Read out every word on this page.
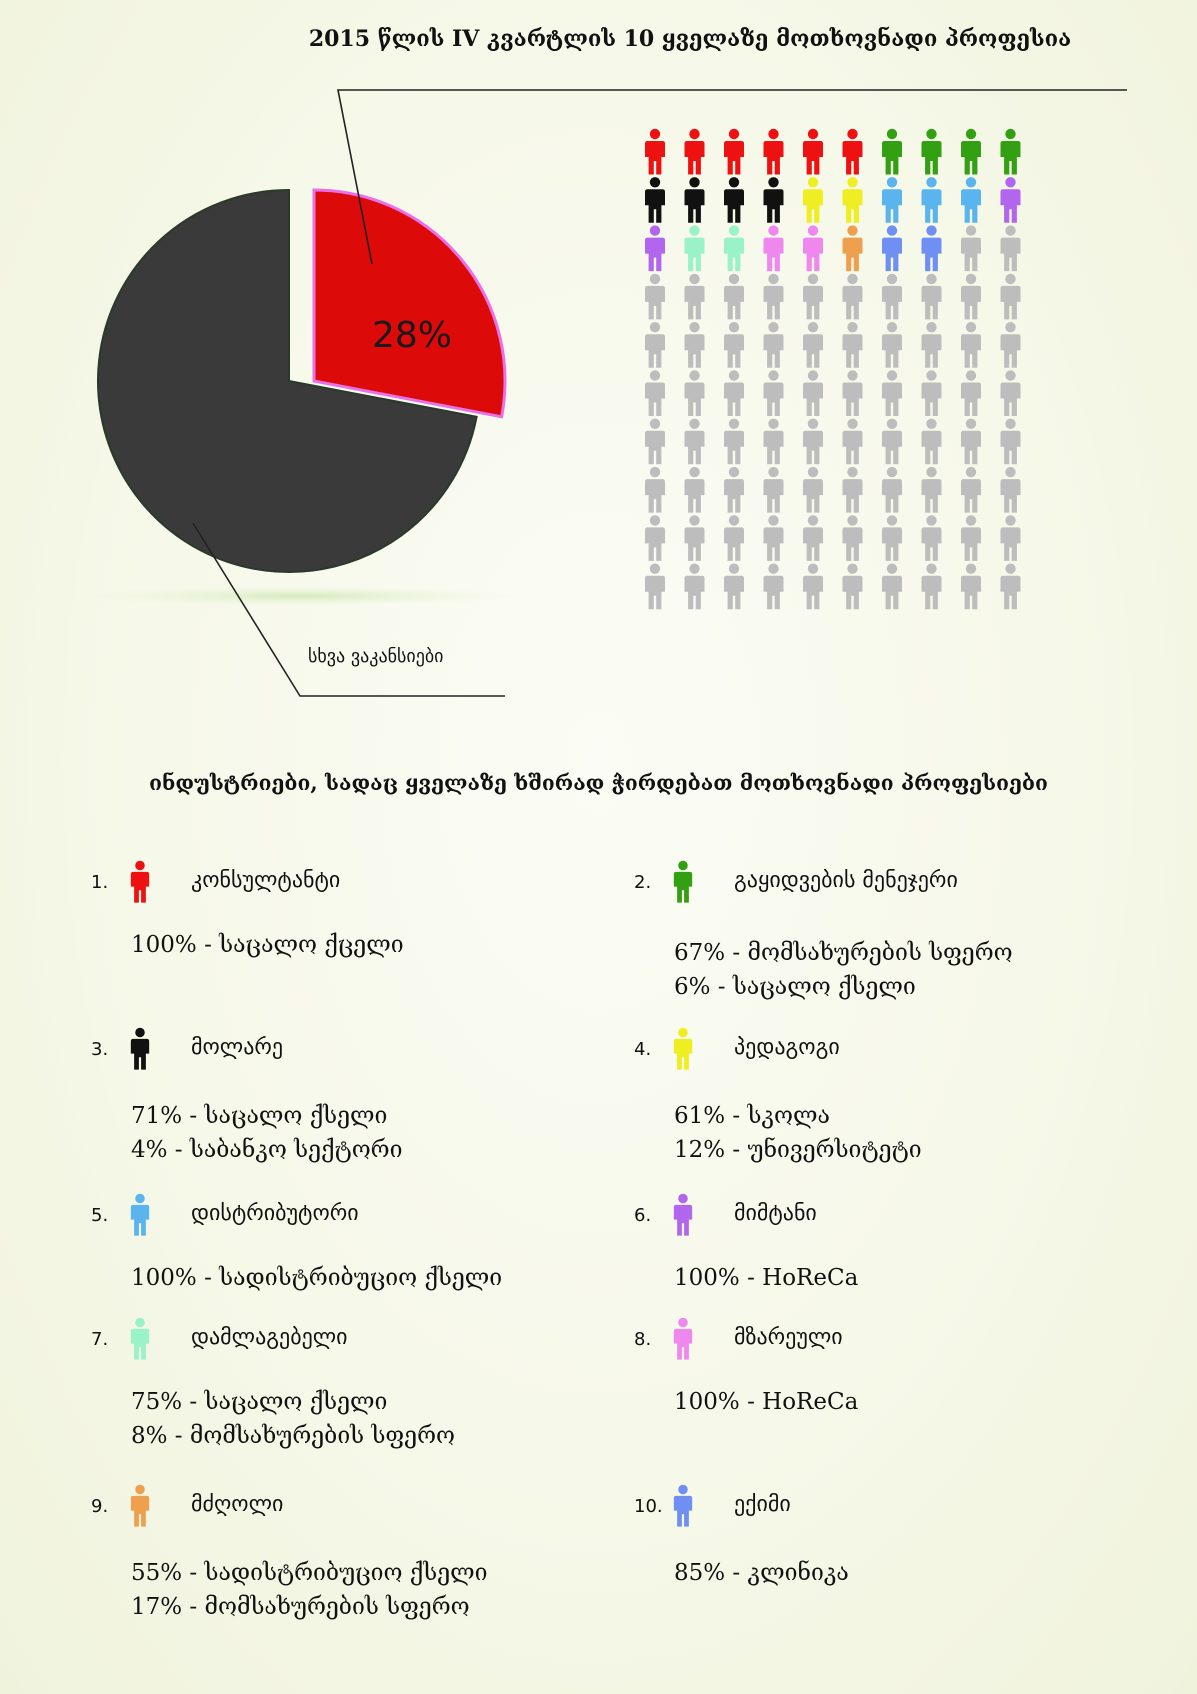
2015 წლის IV კვარტლის 10 ყველაზე მოთხოვნადი პროფესია
28%
სხვა ვაკანსიები
ინდუსტრიები, სადაც ყველაზე ხშირად ჭირდებათ მოთხოვნადი პროფესიები
1.	კონსულტანტი
100% - საცალო ქცელი
2.	გაყიდვების მენეჯერი
67% - მომსახურების სფერო
6% - საცალო ქსელი
3.	მოლარე
71% - საცალო ქსელი
4% - საბანკო სექტორი
4.	პედაგოგი
61% - სკოლა
12% - უნივერსიტეტი
5.	დისტრიბუტორი
100% - სადისტრიბუციო ქსელი
6.	მიმტანი
100% - HoReCa
7.	დამლაგებელი
75% - საცალო ქსელი
8% - მომსახურების სფერო
8.	მზარეული
100% - HoReCa
9.	მძღოლი
55% - სადისტრიბუციო ქსელი
17% - მომსახურების სფერო
10.	ექიმი
85% - კლინიკა
